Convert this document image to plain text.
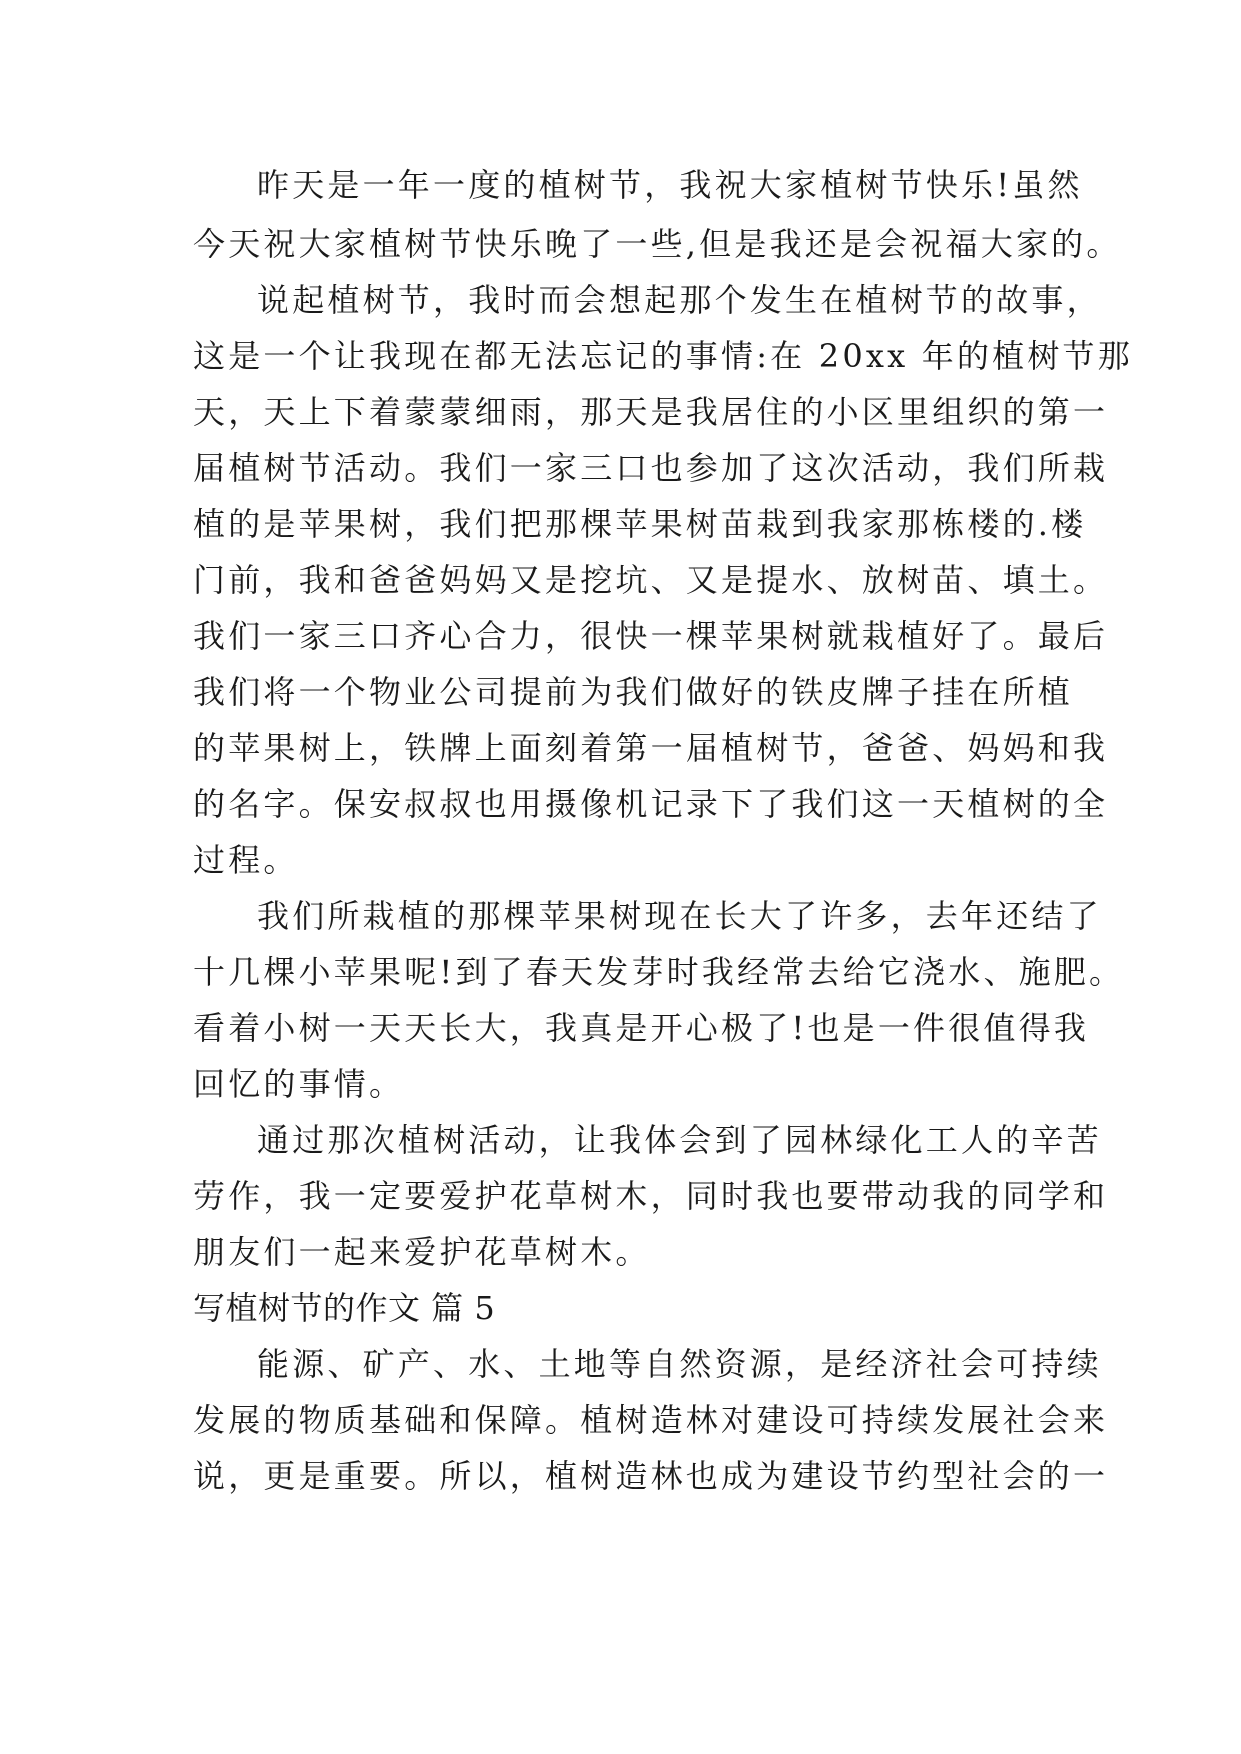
昨天是一年一度的植树节，我祝大家植树节快乐!虽然
今天祝大家植树节快乐晚了一些,但是我还是会祝福大家的。
说起植树节，我时而会想起那个发生在植树节的故事，
这是一个让我现在都无法忘记的事情:在 20xx 年的植树节那
天，天上下着蒙蒙细雨，那天是我居住的小区里组织的第一
届植树节活动。我们一家三口也参加了这次活动，我们所栽
植的是苹果树，我们把那棵苹果树苗栽到我家那栋楼的.楼
门前，我和爸爸妈妈又是挖坑、又是提水、放树苗、填土。
我们一家三口齐心合力，很快一棵苹果树就栽植好了。最后
我们将一个物业公司提前为我们做好的铁皮牌子挂在所植
的苹果树上，铁牌上面刻着第一届植树节，爸爸、妈妈和我
的名字。保安叔叔也用摄像机记录下了我们这一天植树的全
过程。
我们所栽植的那棵苹果树现在长大了许多，去年还结了
十几棵小苹果呢!到了春天发芽时我经常去给它浇水、施肥。
看着小树一天天长大，我真是开心极了!也是一件很值得我
回忆的事情。
通过那次植树活动，让我体会到了园林绿化工人的辛苦
劳作，我一定要爱护花草树木，同时我也要带动我的同学和
朋友们一起来爱护花草树木。
写植树节的作文 篇 5
能源、矿产、水、土地等自然资源，是经济社会可持续
发展的物质基础和保障。植树造林对建设可持续发展社会来
说，更是重要。所以，植树造林也成为建设节约型社会的一
